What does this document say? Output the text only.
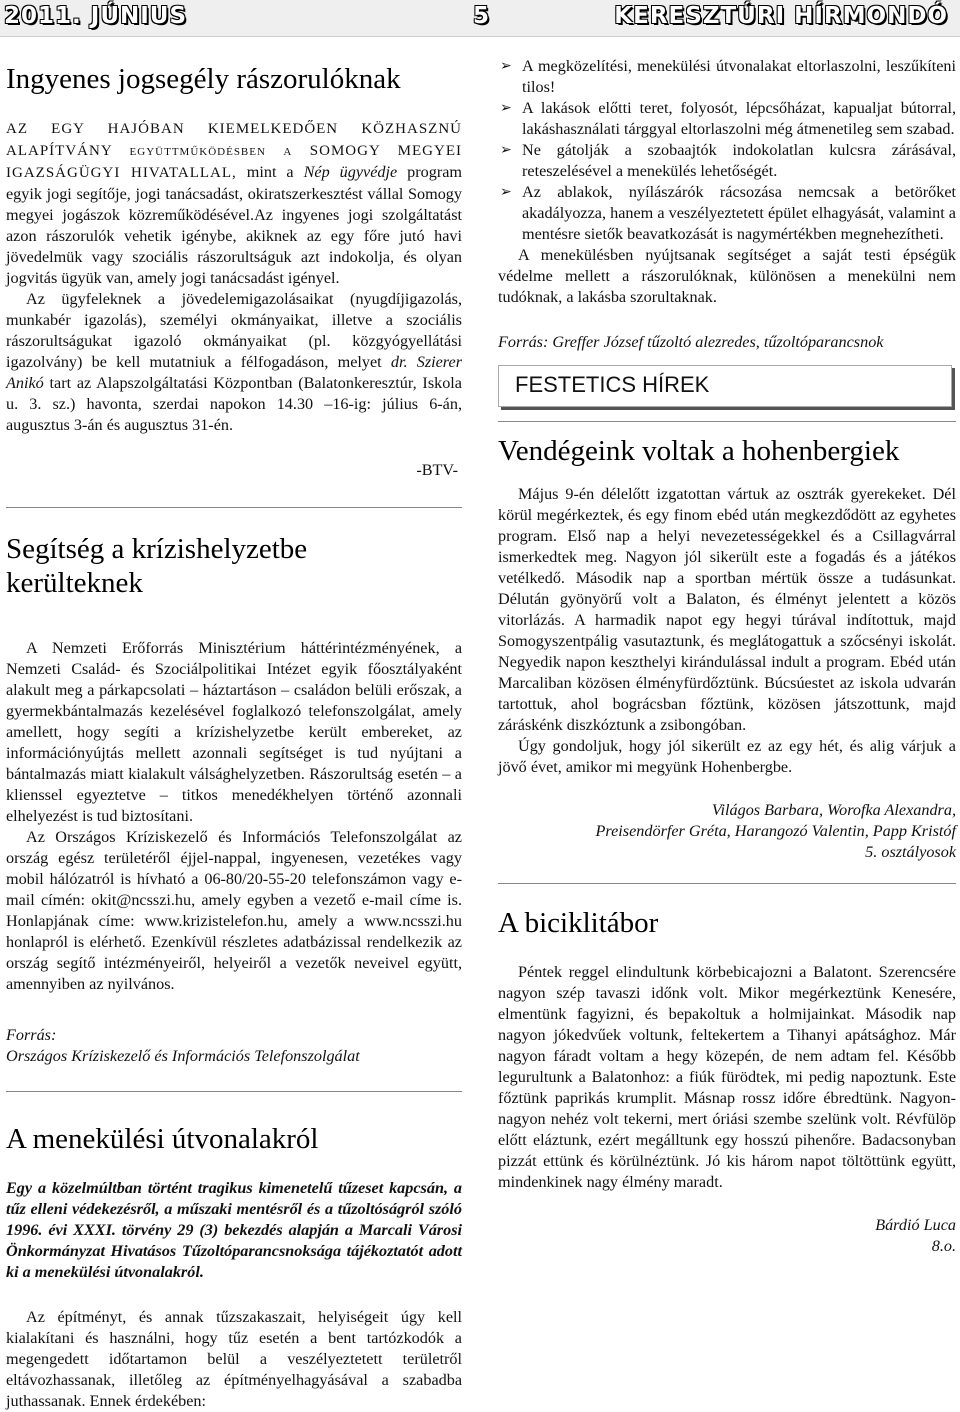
2011. JÚNIUS	5	KERESZTÚRI HÍRMONDÓ
Ingyenes jogsegély rászorulóknak

AZ EGY HAJÓBAN KIEMELKEDŐEN KÖZHASZNÚ ALAPÍTVÁNY együttműködésben a SOMOGY MEGYEI IGAZSÁGÜGYI HIVATALLAL, mint a Nép ügyvédje program egyik jogi segítője, jogi tanácsadást, okiratszerkesztést vállal Somogy megyei jogászok közreműködésével.Az ingyenes jogi szolgáltatást azon rászorulók vehetik igénybe, akiknek az egy főre jutó havi jövedelmük vagy szociális rászorultságuk azt indokolja, és olyan jogvitás ügyük van, amely jogi tanácsadást igényel.

Az ügyfeleknek a jövedelemigazolásaikat (nyugdíjigazolás, munkabér igazolás), személyi okmányaikat, illetve a szociális rászorultságukat igazoló okmányaikat (pl. közgyógyellátási igazolvány) be kell mutatniuk a félfogadáson, melyet dr. Szierer Anikó tart az Alapszolgáltatási Központban (Balatonkeresztúr, Iskola u. 3. sz.) havonta, szerdai napokon 14.30 –16-ig: július 6-án, augusztus 3-án és augusztus 31-én.

-BTV-

Segítség a krízishelyzetbe kerülteknek

A Nemzeti Erőforrás Minisztérium háttérintézményének, a Nemzeti Család- és Szociálpolitikai Intézet egyik főosztályaként alakult meg a párkapcsolati – háztartáson – családon belüli erőszak, a gyermekbántalmazás kezelésével foglalkozó telefonszolgálat, amely amellett, hogy segíti a krízishelyzetbe került embereket, az információnyújtás mellett azonnali segítséget is tud nyújtani a bántalmazás miatt kialakult válsághelyzetben. Rászorultság esetén – a klienssel egyeztetve – titkos menedékhelyen történő azonnali elhelyezést is tud biztosítani.

Az Országos Kríziskezelő és Információs Telefonszolgálat az ország egész területéről éjjel-nappal, ingyenesen, vezetékes vagy mobil hálózatról is hívható a 06-80/20-55-20 telefonszámon vagy e-mail címén: okit@ncsszi.hu, amely egyben a vezető e-mail címe is. Honlapjának címe: www.krizistelefon.hu, amely a www.ncsszi.hu honlapról is elérhető. Ezenkívül részletes adatbázissal rendelkezik az ország segítő intézményeiről, helyeiről a vezetők neveivel együtt, amennyiben az nyilvános.

Forrás:

Országos Kríziskezelő és Információs Telefonszolgálat

A menekülési útvonalakról

Egy a közelmúltban történt tragikus kimenetelű tűzeset kapcsán, a tűz elleni védekezésről, a műszaki mentésről és a tűzoltóságról szóló 1996. évi XXXI. törvény 29 (3) bekezdés alapján a Marcali Városi Önkormányzat Hivatásos Tűzoltóparancsnoksága tájékoztatót adott ki a menekülési útvonalakról.

Az építményt, és annak tűzszakaszait, helyiségeit úgy kell kialakítani és használni, hogy tűz esetén a bent tartózkodók a megengedett időtartamon belül a veszélyeztetett területről eltávozhassanak, illetőleg az építményelhagyásával a szabadba juthassanak. Ennek érdekében:

➢ A megközelítési, menekülési útvonalakat eltorlaszolni, leszűkíteni tilos!
➢ A lakások előtti teret, folyosót, lépcsőházat, kapualjat bútorral, lakáshasználati tárggyal eltorlaszolni még átmenetileg sem szabad.
➢ Ne gátolják a szobaajtók indokolatlan kulcsra zárásával, reteszelésével a menekülés lehetőségét.
➢ Az ablakok, nyílászárók rácsozása nemcsak a betörőket akadályozza, hanem a veszélyeztetett épület elhagyását, valamint a mentésre sietők beavatkozását is nagymértékben megnehezítheti.

A menekülésben nyújtsanak segítséget a saját testi épségük védelme mellett a rászorulóknak, különösen a menekülni nem tudóknak, a lakásba szorultaknak.

Forrás: Greffer József tűzoltó alezredes, tűzoltóparancsnok

FESTETICS HÍREK
Vendégeink voltak a hohenbergiek

Május 9-én délelőtt izgatottan vártuk az osztrák gyerekeket. Dél körül megérkeztek, és egy finom ebéd után megkezdődött az egyhetes program. Első nap a helyi nevezetességekkel és a Csillagvárral ismerkedtek meg. Nagyon jól sikerült este a fogadás és a játékos vetélkedő. Második nap a sportban mértük össze a tudásunkat. Délután gyönyörű volt a Balaton, és élményt jelentett a közös vitorlázás. A harmadik napot egy hegyi túrával indítottuk, majd Somogyszentpálig vasutaztunk, és meglátogattuk a szőcsényi iskolát. Negyedik napon keszthelyi kirándulással indult a program. Ebéd után Marcaliban közösen élményfürdőztünk. Búcsúestet az iskola udvarán tartottuk, ahol bográcsban főztünk, közösen játszottunk, majd záráskénk diszkóztunk a zsibongóban.

Úgy gondoljuk, hogy jól sikerült ez az egy hét, és alig várjuk a jövő évet, amikor mi megyünk Hohenbergbe.

Világos Barbara, Worofka Alexandra,

Preisendörfer Gréta, Harangozó Valentin, Papp Kristóf

5. osztályosok

A biciklitábor

Péntek reggel elindultunk körbebicajozni a Balatont. Szerencsére nagyon szép tavaszi időnk volt. Mikor megérkeztünk Kenesére, elmentünk fagyizni, és bepakoltuk a holmijainkat. Második nap nagyon jókedvűek voltunk, feltekertem a Tihanyi apátsághoz. Már nagyon fáradt voltam a hegy közepén, de nem adtam fel. Később legurultunk a Balatonhoz: a fiúk fürödtek, mi pedig napoztunk. Este főztünk paprikás krumplit. Másnap rossz időre ébredtünk. Nagyon-nagyon nehéz volt tekerni, mert óriási szembe szelünk volt. Révfülöp előtt eláztunk, ezért megálltunk egy hosszú pihenőre. Badacsonyban pizzát ettünk és körülnéztünk. Jó kis három napot töltöttünk együtt, mindenkinek nagy élmény maradt.

Bárdió Luca

8.o.
